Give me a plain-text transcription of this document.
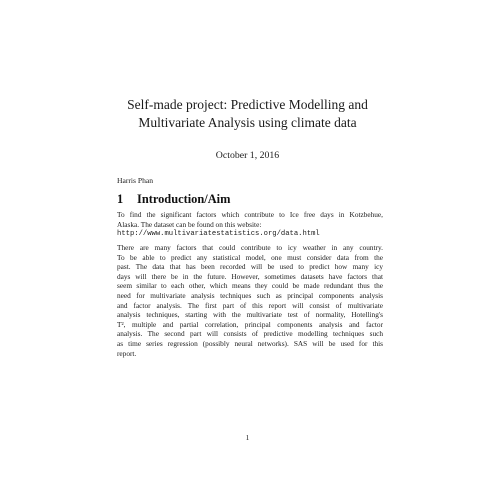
Self-made project: Predictive Modelling and
Multivariate Analysis using climate data
October 1, 2016
Harris Phan
1 Introduction/Aim
To find the significant factors which contribute to Ice free days in Kotzbehue,
Alaska. The dataset can be found on this website:
http://www.multivariatestatistics.org/data.html
There are many factors that could contribute to icy weather in any country.
To be able to predict any statistical model, one must consider data from the
past. The data that has been recorded will be used to predict how many icy
days will there be in the future. However, sometimes datasets have factors that
seem similar to each other, which means they could be made redundant thus the
need for multivariate analysis techniques such as principal components analysis
and factor analysis. The first part of this report will consist of multivariate
analysis techniques, starting with the multivariate test of normality, Hotelling's
T², multiple and partial correlation, principal components analysis and factor
analysis. The second part will consists of predictive modelling techniques such
as time series regression (possibly neural networks). SAS will be used for this
report.
1
